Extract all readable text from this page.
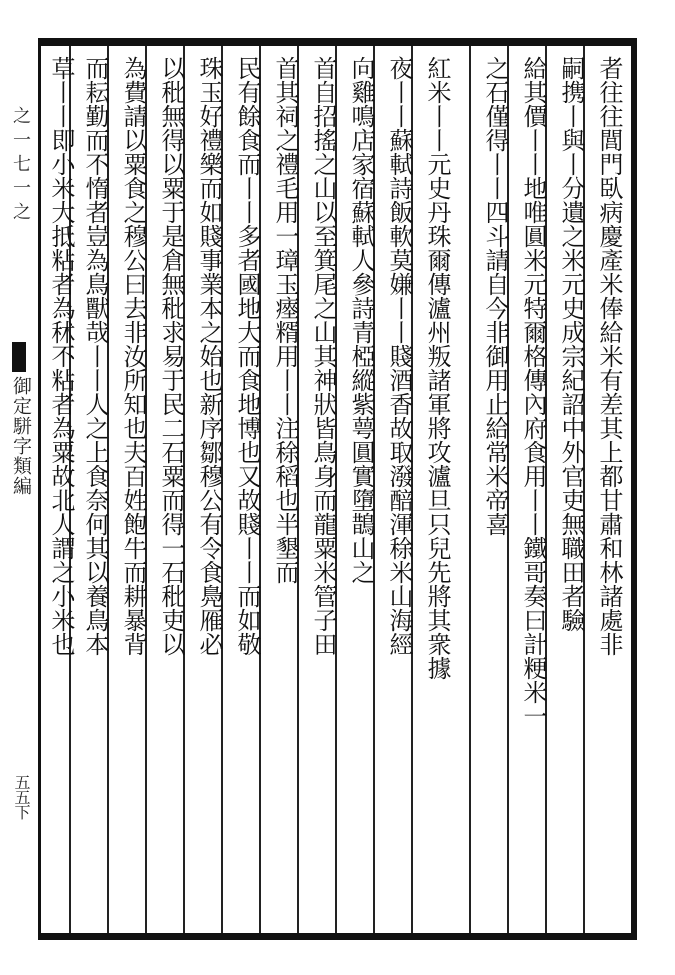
之一七一之
御定駢字類編
五五下
者往往閭門臥病慶產米俸給米有差其上都甘肅和林諸處非
嗣携丨與丨分遺之米元史成宗紀詔中外官吏無職田者驗
給其價丨丨地唯圓米元特爾格傳內府食用丨丨鐵哥奏曰計粳米一
之石僅得丨丨四斗請自今非御用止給常米帝喜
紅米丨丨元史丹珠爾傳瀘州叛諸軍將攻瀘旦只兒先將其衆據
夜丨丨蘇軾詩飯軟莫嫌丨丨賤酒香故取潑醅渾稌米山海經
向雞鳴店家宿蘇軾人參詩青椏縱紫萼圓實墮鵲山之
首自招搖之山以至箕尾之山其神狀皆鳥身而龍粟米管子田
首其祠之禮毛用一璋玉瘞糈用丨丨注稌稻也半墾而
民有餘食而丨丨多者國地大而食地博也又故賤丨丨而如敬
珠玉好禮樂而如賤事業本之始也新序鄒穆公有令食鳧雁必
以秕無得以粟于是倉無秕求易于民二石粟而得一石秕吏以
為費請以粟食之穆公曰去非汝所知也夫百姓飽牛而耕暴背
而耘勤而不惰者豈為鳥獸哉丨丨人之上食奈何其以養鳥本
草丨丨即小米大抵粘者為秫不粘者為粟故北人謂之小米也
